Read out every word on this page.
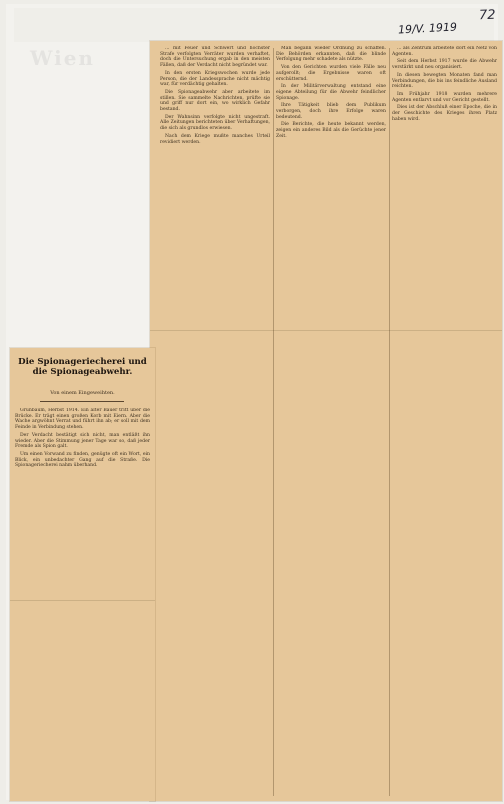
Wien
19/V. 1919
72

... mit Feuer und Schwert und höchster Strafe verfolgten Verräter wurden verhaftet, doch die Untersuchung ergab in den meisten Fällen, daß der Verdacht nicht begründet war.

In den ersten Kriegswochen wurde jede Person, die der Landessprache nicht mächtig war, für verdächtig gehalten.

Die Spionageabwehr aber arbeitete im stillen. Sie sammelte Nachrichten, prüfte sie und griff nur dort ein, wo wirklich Gefahr bestand.

Der Wahnsinn verfolgte nicht ungestraft. Alle Zeitungen berichteten über Verhaftungen, die sich als grundlos erwiesen.

Nach dem Kriege mußte manches Urteil revidiert werden.

Man begann wieder Ordnung zu schaffen. Die Behörden erkannten, daß die blinde Verfolgung mehr schadete als nützte.

Von den Gerichten wurden viele Fälle neu aufgerollt; die Ergebnisse waren oft erschütternd.

In der Militärverwaltung entstand eine eigene Abteilung für die Abwehr feindlicher Spionage.

Ihre Tätigkeit blieb dem Publikum verborgen, doch ihre Erfolge waren bedeutend.

Die Berichte, die heute bekannt werden, zeigen ein anderes Bild als die Gerüchte jener Zeit.

... als Zentrum arbeitete dort ein Netz von Agenten.

Seit dem Herbst 1917 wurde die Abwehr verstärkt und neu organisiert.

In diesen bewegten Monaten fand man Verbindungen, die bis ins feindliche Ausland reichten.

Im Frühjahr 1918 wurden mehrere Agenten entlarvt und vor Gericht gestellt.

Dies ist der Abschluß einer Epoche, die in der Geschichte des Krieges ihren Platz haben wird.

Die Spionageriecherei und die Spionageabwehr.
Von einem Eingeweihten.

Grünbaum, Herbst 1914. Ein alter Bauer tritt über die Brücke. Er trägt einen großen Korb mit Eiern. Aber die Wache argwöhnt Verrat und führt ihn ab; er soll mit dem Feinde in Verbindung stehen.

Der Verdacht bestätigt sich nicht, man entläßt ihn wieder. Aber die Stimmung jener Tage war so, daß jeder Fremde als Spion galt.

Um einen Vorwand zu finden, genügte oft ein Wort, ein Blick, ein unbedachter Gang auf die Straße. Die Spionageriecherei nahm überhand.
